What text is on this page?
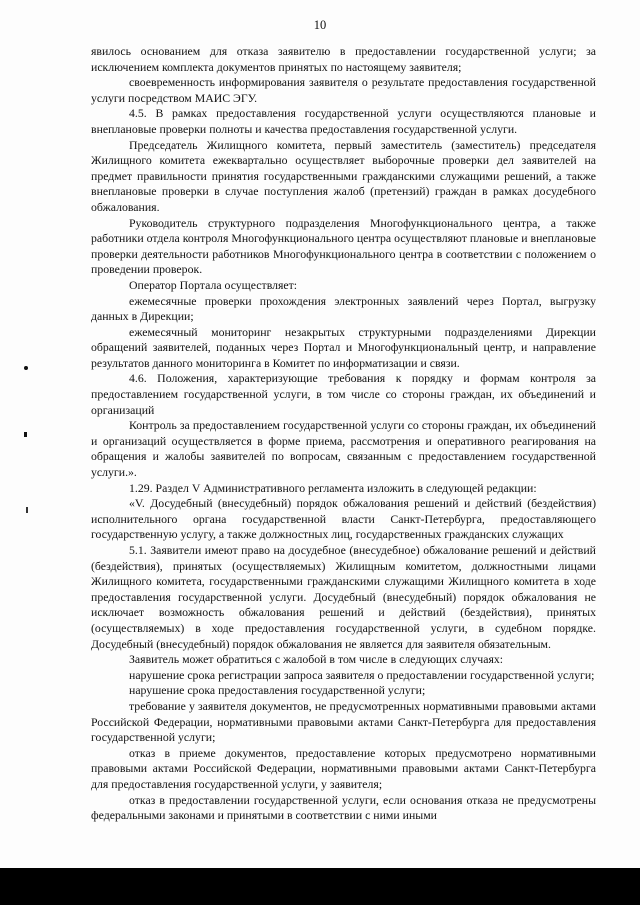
10

явилось основанием для отказа заявителю в предоставлении государственной услуги; за исключением комплекта документов принятых по настоящему заявителя;

своевременность информирования заявителя о результате предоставления государственной услуги посредством МАИС ЭГУ.

4.5. В рамках предоставления государственной услуги осуществляются плановые и внеплановые проверки полноты и качества предоставления государственной услуги.

Председатель Жилищного комитета, первый заместитель (заместитель) председателя Жилищного комитета ежеквартально осуществляет выборочные проверки дел заявителей на предмет правильности принятия государственными гражданскими служащими решений, а также внеплановые проверки в случае поступления жалоб (претензий) граждан в рамках досудебного обжалования.

Руководитель структурного подразделения Многофункционального центра, а также работники отдела контроля Многофункционального центра осуществляют плановые и внеплановые проверки деятельности работников Многофункционального центра в соответствии с положением о проведении проверок.

Оператор Портала осуществляет:

ежемесячные проверки прохождения электронных заявлений через Портал, выгрузку данных в Дирекции;

ежемесячный мониторинг незакрытых структурными подразделениями Дирекции обращений заявителей, поданных через Портал и Многофункциональный центр, и направление результатов данного мониторинга в Комитет по информатизации и связи.

4.6. Положения, характеризующие требования к порядку и формам контроля за предоставлением государственной услуги, в том числе со стороны граждан, их объединений и организаций

Контроль за предоставлением государственной услуги со стороны граждан, их объединений и организаций осуществляется в форме приема, рассмотрения и оперативного реагирования на обращения и жалобы заявителей по вопросам, связанным с предоставлением государственной услуги.».

1.29. Раздел V Административного регламента изложить в следующей редакции:

«V. Досудебный (внесудебный) порядок обжалования решений и действий (бездействия) исполнительного органа государственной власти Санкт-Петербурга, предоставляющего государственную услугу, а также должностных лиц, государственных гражданских служащих

5.1. Заявители имеют право на досудебное (внесудебное) обжалование решений и действий (бездействия), принятых (осуществляемых) Жилищным комитетом, должностными лицами Жилищного комитета, государственными гражданскими служащими Жилищного комитета в ходе предоставления государственной услуги. Досудебный (внесудебный) порядок обжалования не исключает возможность обжалования решений и действий (бездействия), принятых (осуществляемых) в ходе предоставления государственной услуги, в судебном порядке. Досудебный (внесудебный) порядок обжалования не является для заявителя обязательным.

Заявитель может обратиться с жалобой в том числе в следующих случаях:

нарушение срока регистрации запроса заявителя о предоставлении государственной услуги;

нарушение срока предоставления государственной услуги;

требование у заявителя документов, не предусмотренных нормативными правовыми актами Российской Федерации, нормативными правовыми актами Санкт-Петербурга для предоставления государственной услуги;

отказ в приеме документов, предоставление которых предусмотрено нормативными правовыми актами Российской Федерации, нормативными правовыми актами Санкт-Петербурга для предоставления государственной услуги, у заявителя;

отказ в предоставлении государственной услуги, если основания отказа не предусмотрены федеральными законами и принятыми в соответствии с ними иными
